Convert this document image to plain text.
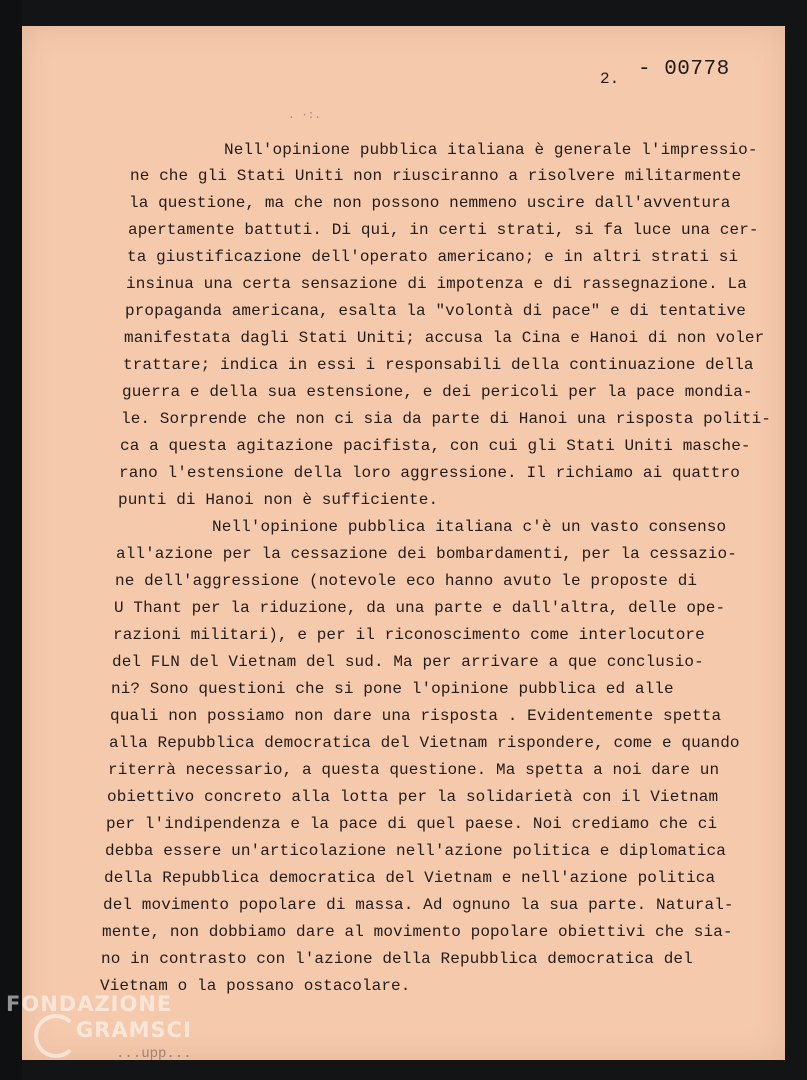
2. - 00778
. ·:.
Nell'opinione pubblica italiana è generale l'impressio-
ne che gli Stati Uniti non riusciranno a risolvere militarmente
la questione, ma che non possono nemmeno uscire dall'avventura
apertamente battuti. Di qui, in certi strati, si fa luce una cer-
ta giustificazione dell'operato americano; e in altri strati si
insinua una certa sensazione di impotenza e di rassegnazione. La
propaganda americana, esalta la "volontà di pace" e di tentative
manifestata dagli Stati Uniti; accusa la Cina e Hanoi di non voler
trattare; indica in essi i responsabili della continuazione della
guerra e della sua estensione, e dei pericoli per la pace mondia-
le. Sorprende che non ci sia da parte di Hanoi una risposta politi-
ca a questa agitazione pacifista, con cui gli Stati Uniti masche-
rano l'estensione della loro aggressione. Il richiamo ai quattro
punti di Hanoi non è sufficiente.
Nell'opinione pubblica italiana c'è un vasto consenso
all'azione per la cessazione dei bombardamenti, per la cessazio-
ne dell'aggressione (notevole eco hanno avuto le proposte di
U Thant per la riduzione, da una parte e dall'altra, delle ope-
razioni militari), e per il riconoscimento come interlocutore
del FLN del Vietnam del sud. Ma per arrivare a que conclusio-
ni? Sono questioni che si pone l'opinione pubblica ed alle
quali non possiamo non dare una risposta . Evidentemente spetta
alla Repubblica democratica del Vietnam rispondere, come e quando
riterrà necessario, a questa questione. Ma spetta a noi dare un
obiettivo concreto alla lotta per la solidarietà con il Vietnam
per l'indipendenza e la pace di quel paese. Noi crediamo che ci
debba essere un'articolazione nell'azione politica e diplomatica
della Repubblica democratica del Vietnam e nell'azione politica
del movimento popolare di massa. Ad ognuno la sua parte. Natural-
mente, non dobbiamo dare al movimento popolare obiettivi che sia-
no in contrasto con l'azione della Repubblica democratica del
Vietnam o la possano ostacolare.
FONDAZIONE
GRAMSCI
...upp...
